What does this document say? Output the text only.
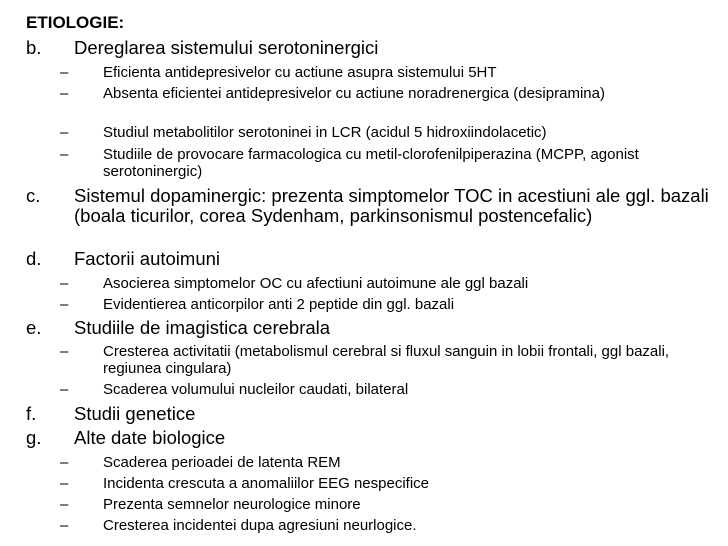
ETIOLOGIE:
b. Dereglarea sistemului serotoninergici
– Eficienta antidepresivelor cu actiune asupra sistemului 5HT
– Absenta eficientei antidepresivelor cu actiune noradrenergica (desipramina)
– Studiul metabolitilor serotoninei in LCR (acidul 5 hidroxiindolacetic)
– Studiile de provocare farmacologica cu metil-clorofenilpiperazina (MCPP, agonist serotoninergic)
c. Sistemul dopaminergic: prezenta simptomelor TOC in acestiuni ale ggl. bazali (boala ticurilor, corea Sydenham, parkinsonismul postencefalic)
d. Factorii autoimuni
– Asocierea simptomelor OC cu afectiuni autoimune ale ggl bazali
– Evidentierea anticorpilor anti 2 peptide din ggl. bazali
e. Studiile de imagistica cerebrala
– Cresterea activitatii (metabolismul cerebral si fluxul sanguin in lobii frontali, ggl bazali, regiunea cingulara)
– Scaderea volumului nucleilor caudati, bilateral
f. Studii genetice
g. Alte date biologice
– Scaderea perioadei de latenta REM
– Incidenta crescuta a anomaliilor EEG nespecifice
– Prezenta semnelor neurologice minore
– Cresterea incidentei dupa agresiuni neurlogice.
